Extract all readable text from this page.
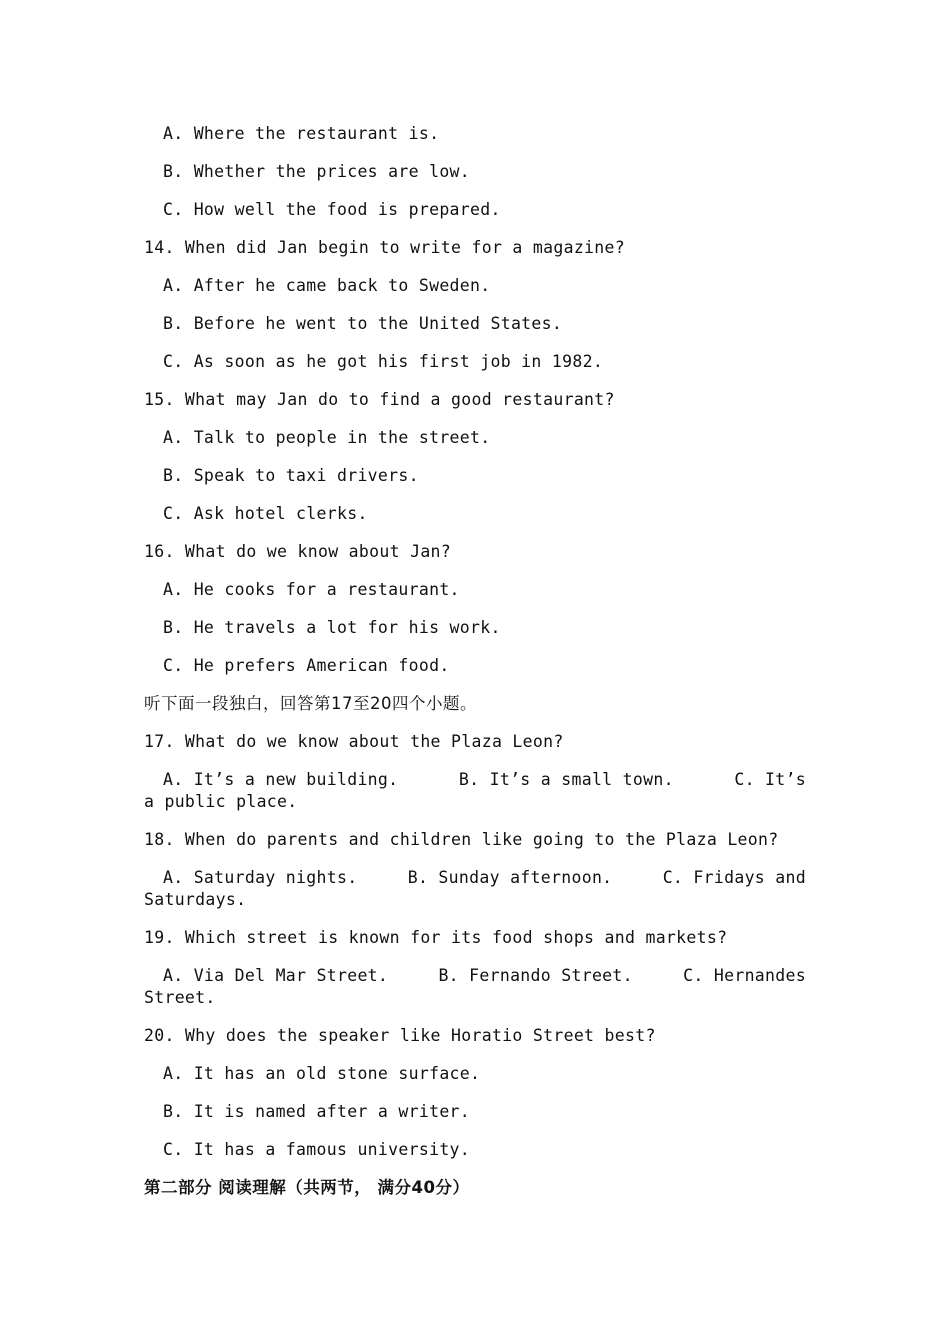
A. Where the restaurant is.
B. Whether the prices are low.
C. How well the food is prepared.
14. When did Jan begin to write for a magazine?
A. After he came back to Sweden.
B. Before he went to the United States.
C. As soon as he got his first job in 1982.
15. What may Jan do to find a good restaurant?
A. Talk to people in the street.
B. Speak to taxi drivers.
C. Ask hotel clerks.
16. What do we know about Jan?
A. He cooks for a restaurant.
B. He travels a lot for his work.
C. He prefers American food.
听下面一段独白，回答第17至20四个小题。
17. What do we know about the Plaza Leon?
A. It’s a new building.	B. It’s a small town.	C. It’s
a public place.
18. When do parents and children like going to the Plaza Leon?
A. Saturday nights.	B. Sunday afternoon.	C. Fridays and
Saturdays.
19. Which street is known for its food shops and markets?
A. Via Del Mar Street.	B. Fernando Street.	C. Hernandes
Street.
20. Why does the speaker like Horatio Street best?
A. It has an old stone surface.
B. It is named after a writer.
C. It has a famous university.
第二部分 阅读理解（共两节， 满分40分）
